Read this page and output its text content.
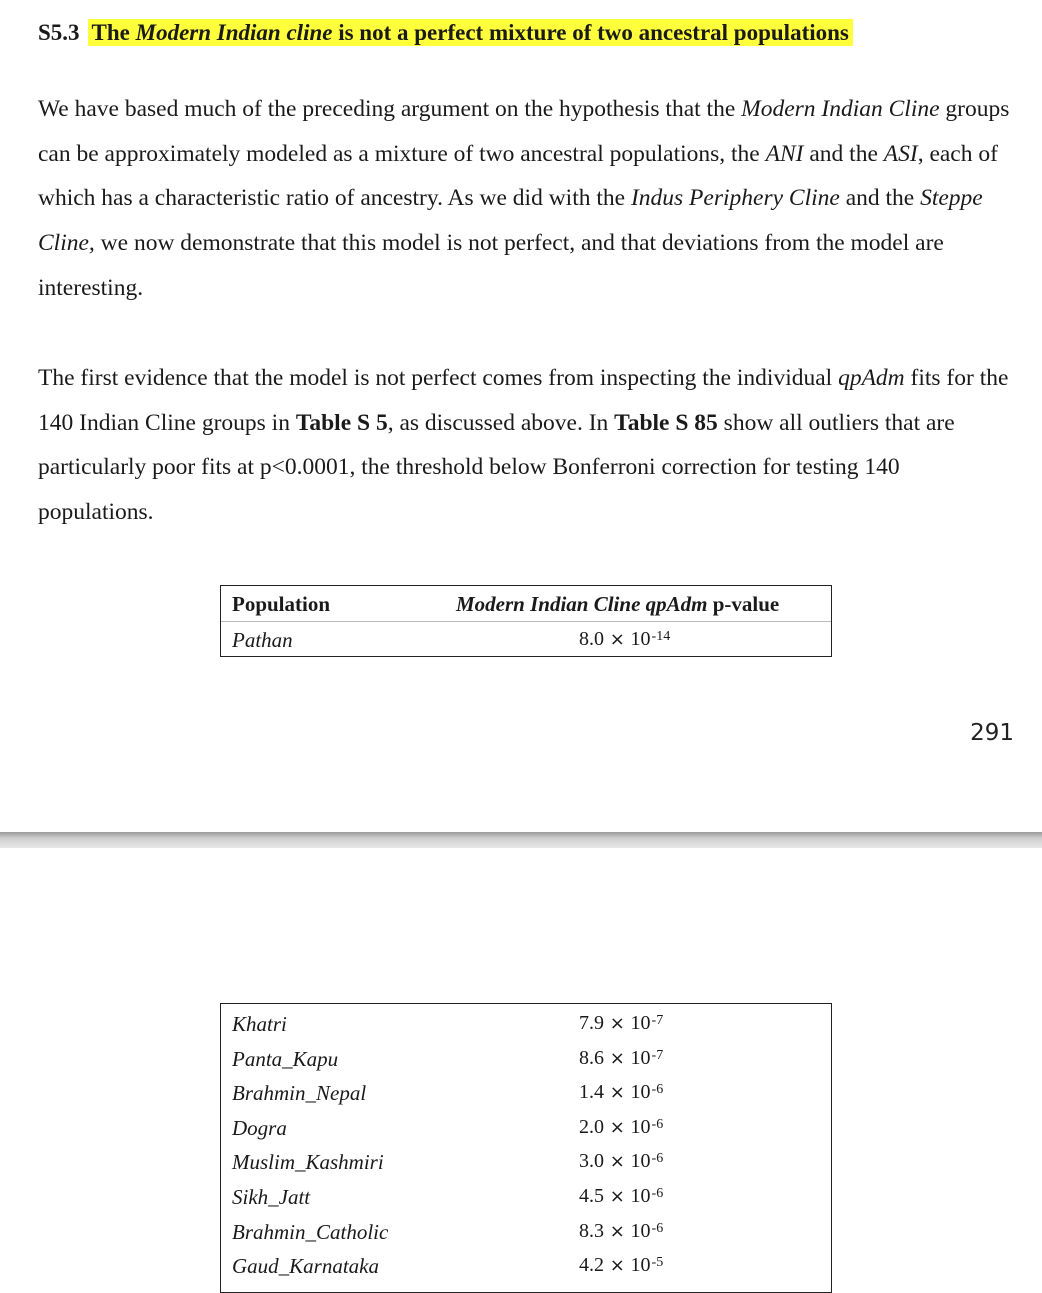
S5.3 The Modern Indian cline is not a perfect mixture of two ancestral populations
We have based much of the preceding argument on the hypothesis that the Modern Indian Cline groups can be approximately modeled as a mixture of two ancestral populations, the ANI and the ASI, each of which has a characteristic ratio of ancestry. As we did with the Indus Periphery Cline and the Steppe Cline, we now demonstrate that this model is not perfect, and that deviations from the model are interesting.
The first evidence that the model is not perfect comes from inspecting the individual qpAdm fits for the 140 Indian Cline groups in Table S 5, as discussed above. In Table S 85 show all outliers that are particularly poor fits at p<0.0001, the threshold below Bonferroni correction for testing 140 populations.
Population	Modern Indian Cline qpAdm p-value
Pathan	$8.0 \times 10^{-14}$
291
Khatri	$7.9 \times 10^{-7}$
Panta_Kapu	$8.6 \times 10^{-7}$
Brahmin_Nepal	$1.4 \times 10^{-6}$
Dogra	$2.0 \times 10^{-6}$
Muslim_Kashmiri	$3.0 \times 10^{-6}$
Sikh_Jatt	$4.5 \times 10^{-6}$
Brahmin_Catholic	$8.3 \times 10^{-6}$
Gaud_Karnataka	$4.2 \times 10^{-5}$
